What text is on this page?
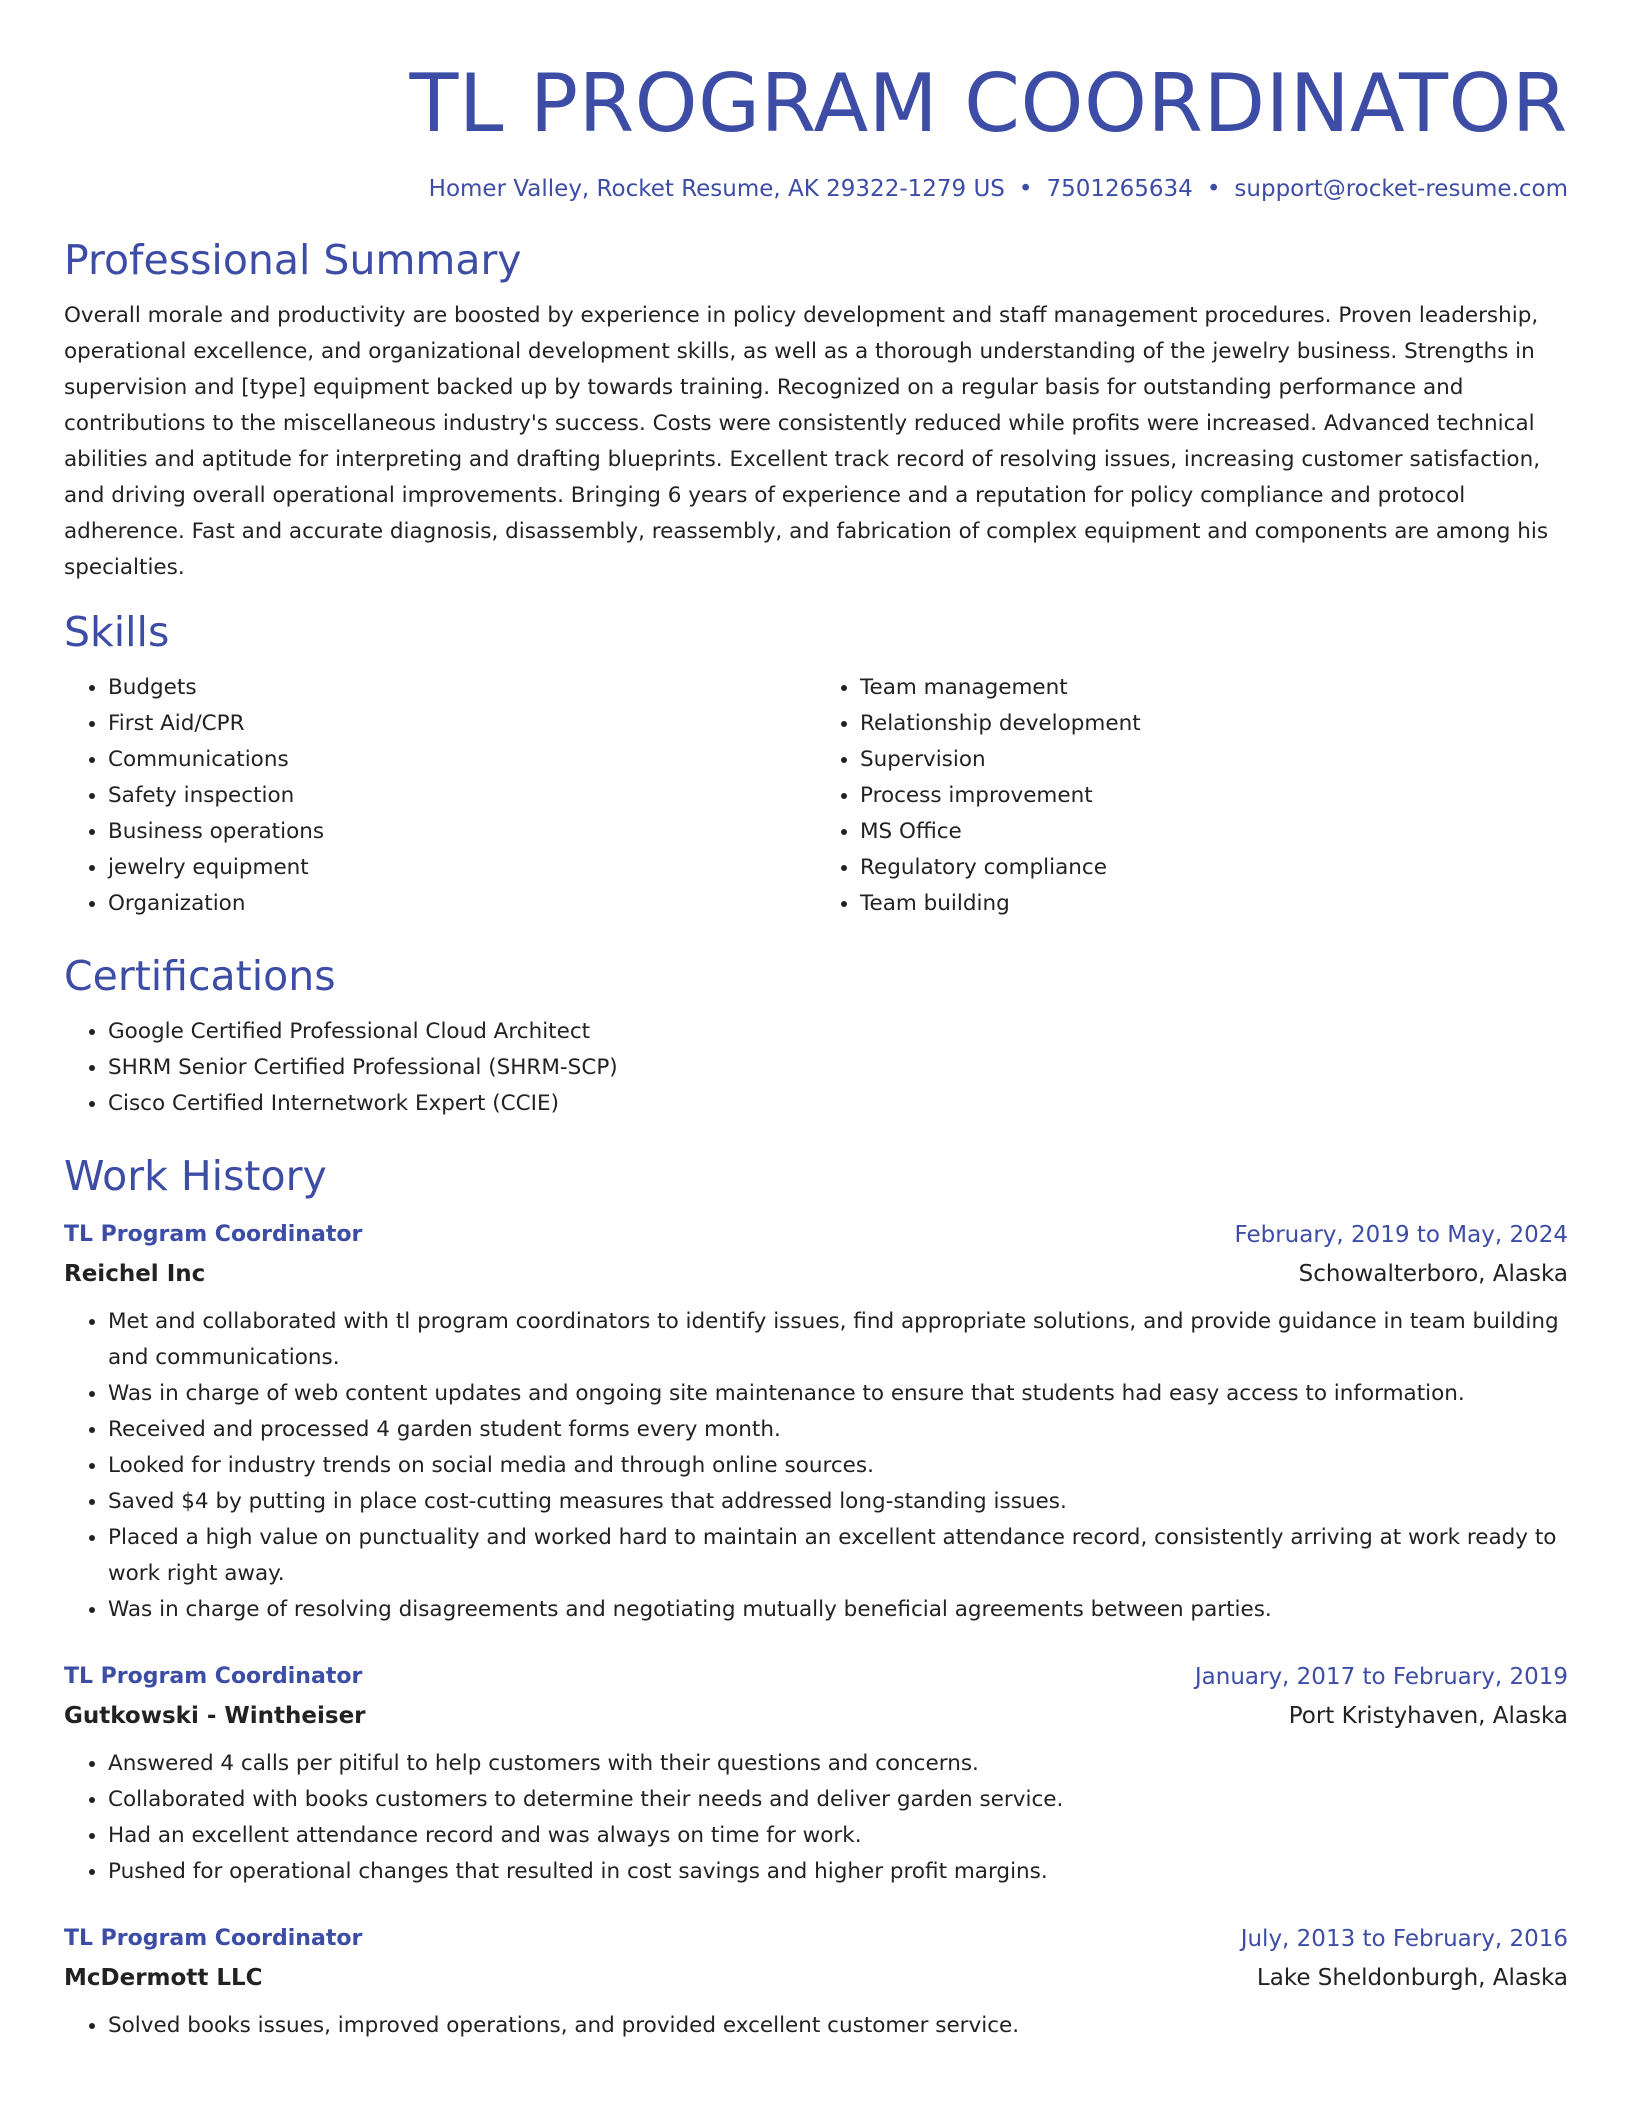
TL PROGRAM COORDINATOR
Homer Valley, Rocket Resume, AK 29322-1279 US • 7501265634 • support@rocket-resume.com
Professional Summary

Overall morale and productivity are boosted by experience in policy development and staff management procedures. Proven leadership, operational excellence, and organizational development skills, as well as a thorough understanding of the jewelry business. Strengths in supervision and [type] equipment backed up by towards training. Recognized on a regular basis for outstanding performance and contributions to the miscellaneous industry's success. Costs were consistently reduced while profits were increased. Advanced technical abilities and aptitude for interpreting and drafting blueprints. Excellent track record of resolving issues, increasing customer satisfaction, and driving overall operational improvements. Bringing 6 years of experience and a reputation for policy compliance and protocol adherence. Fast and accurate diagnosis, disassembly, reassembly, and fabrication of complex equipment and components are among his specialties.

Skills
• Budgets
• First Aid/CPR
• Communications
• Safety inspection
• Business operations
• jewelry equipment
• Organization
• Team management
• Relationship development
• Supervision
• Process improvement
• MS Office
• Regulatory compliance
• Team building
Certifications
• Google Certified Professional Cloud Architect
• SHRM Senior Certified Professional (SHRM-SCP)
• Cisco Certified Internetwork Expert (CCIE)
Work History
TL Program Coordinator	February, 2019 to May, 2024
Reichel Inc	Schowalterboro, Alaska
• Met and collaborated with tl program coordinators to identify issues, find appropriate solutions, and provide guidance in team building and communications.
• Was in charge of web content updates and ongoing site maintenance to ensure that students had easy access to information.
• Received and processed 4 garden student forms every month.
• Looked for industry trends on social media and through online sources.
• Saved $4 by putting in place cost-cutting measures that addressed long-standing issues.
• Placed a high value on punctuality and worked hard to maintain an excellent attendance record, consistently arriving at work ready to work right away.
• Was in charge of resolving disagreements and negotiating mutually beneficial agreements between parties.
TL Program Coordinator	January, 2017 to February, 2019
Gutkowski - Wintheiser	Port Kristyhaven, Alaska
• Answered 4 calls per pitiful to help customers with their questions and concerns.
• Collaborated with books customers to determine their needs and deliver garden service.
• Had an excellent attendance record and was always on time for work.
• Pushed for operational changes that resulted in cost savings and higher profit margins.
TL Program Coordinator	July, 2013 to February, 2016
McDermott LLC	Lake Sheldonburgh, Alaska
• Solved books issues, improved operations, and provided excellent customer service.
